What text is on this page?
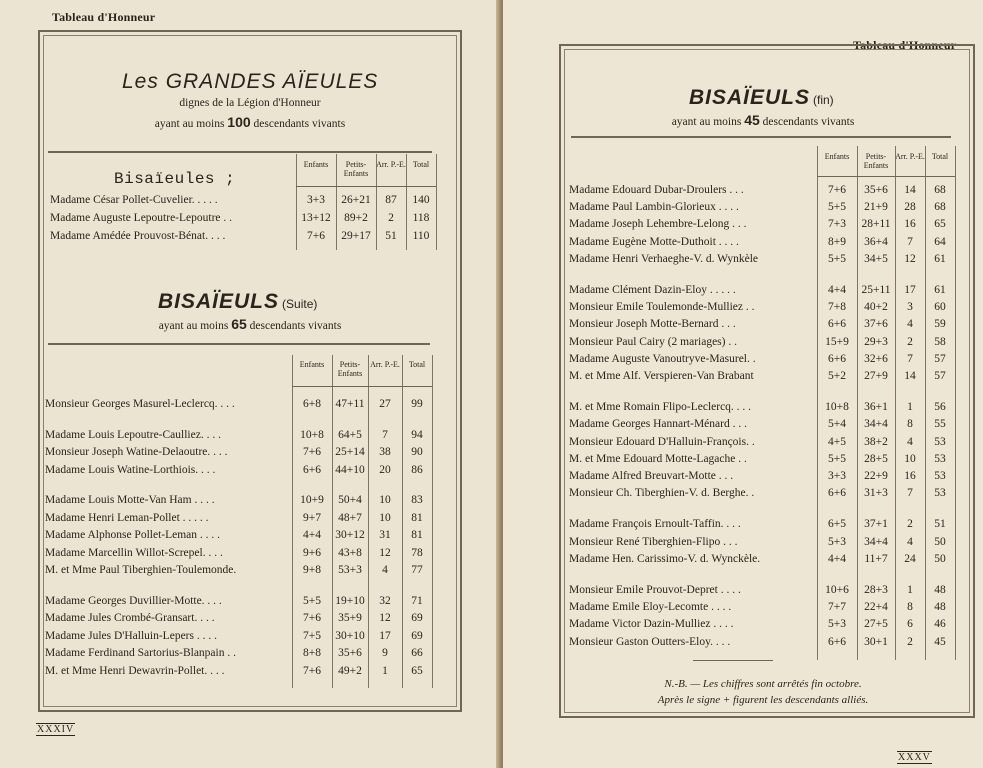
Tableau d'Honneur
Les GRANDES AÏEULES
dignes de la Légion d'Honneur
ayant au moins 100 descendants vivants
Bisaïeules ;
Enfants	Petits-Enfants
Arr. P.-E. Total
Madame César Pollet-Cuvelier. . . . .	3+3	26+21	87	140
Madame Auguste Lepoutre-Lepoutre . .	13+12	89+2	2	118
Madame Amédée Prouvost-Bénat. . . .	7+6	29+17	51	110
BISAÏEULS (Suite)
ayant au moins 65 descendants vivants
Enfants	Petits-Enfants
Arr. P.-E.	Total
Monsieur Georges Masurel-Leclercq. . . .	6+8	47+11	27	99
Madame Louis Lepoutre-Caulliez. . . .	10+8	64+5	7	94
Monsieur Joseph Watine-Delaoutre. . . .	7+6	25+14	38	90
Madame Louis Watine-Lorthiois. . . .	6+6	44+10	20	86
Madame Louis Motte-Van Ham . . . .	10+9	50+4	10	83
Madame Henri Leman-Pollet . . . . .	9+7	48+7	10	81
Madame Alphonse Pollet-Leman . . . .	4+4	30+12	31	81
Madame Marcellin Willot-Screpel. . . .	9+6	43+8	12	78
M. et Mme Paul Tiberghien-Toulemonde.	9+8	53+3	4	77
Madame Georges Duvillier-Motte. . . .	5+5	19+10	32	71
Madame Jules Crombé-Gransart. . . .	7+6	35+9	12	69
Madame Jules D'Halluin-Lepers . . . .	7+5	30+10	17	69
Madame Ferdinand Sartorius-Blanpain . .	8+8	35+6	9	66
M. et Mme Henri Dewavrin-Pollet. . . .	7+6	49+2	1	65
XXXIV
Tableau d'Honneur
BISAÏEULS (fin)
ayant au moins 45 descendants vivants
Enfants	Petits-Enfants
Arr. P.-E. Total
Madame Edouard Dubar-Droulers . . .	7+6	35+6	14	68
Madame Paul Lambin-Glorieux . . . .	5+5	21+9	28	68
Madame Joseph Lehembre-Lelong . . .	7+3	28+11	16	65
Madame Eugène Motte-Duthoit . . . .	8+9	36+4	7	64
Madame Henri Verhaeghe-V. d. Wynkèle	5+5	34+5	12	61
Madame Clément Dazin-Eloy . . . . .	4+4	25+11	17	61
Monsieur Emile Toulemonde-Mulliez . .	7+8	40+2	3	60
Monsieur Joseph Motte-Bernard . . .	6+6	37+6	4	59
Monsieur Paul Cairy (2 mariages) . .	15+9	29+3	2	58
Madame Auguste Vanoutryve-Masurel. .	6+6	32+6	7	57
M. et Mme Alf. Verspieren-Van Brabant	5+2	27+9	14	57
M. et Mme Romain Flipo-Leclercq. . . .	10+8	36+1	1	56
Madame Georges Hannart-Ménard . . .	5+4	34+4	8	55
Monsieur Edouard D'Halluin-François. .	4+5	38+2	4	53
M. et Mme Edouard Motte-Lagache . .	5+5	28+5	10	53
Madame Alfred Breuvart-Motte . . .	3+3	22+9	16	53
Monsieur Ch. Tiberghien-V. d. Berghe. .	6+6	31+3	7	53
Madame François Ernoult-Taffin. . . .	6+5	37+1	2	51
Monsieur René Tiberghien-Flipo . . .	5+3	34+4	4	50
Madame Hen. Carissimo-V. d. Wynckèle.	4+4	11+7	24	50
Monsieur Emile Prouvot-Depret . . . .	10+6	28+3	1	48
Madame Emile Eloy-Lecomte . . . .	7+7	22+4	8	48
Madame Victor Dazin-Mulliez . . . .	5+3	27+5	6	46
Monsieur Gaston Outters-Eloy. . . .	6+6	30+1	2	45
N.-B. — Les chiffres sont arrêtés fin octobre.
Après le signe + figurent les descendants alliés.
XXXV
